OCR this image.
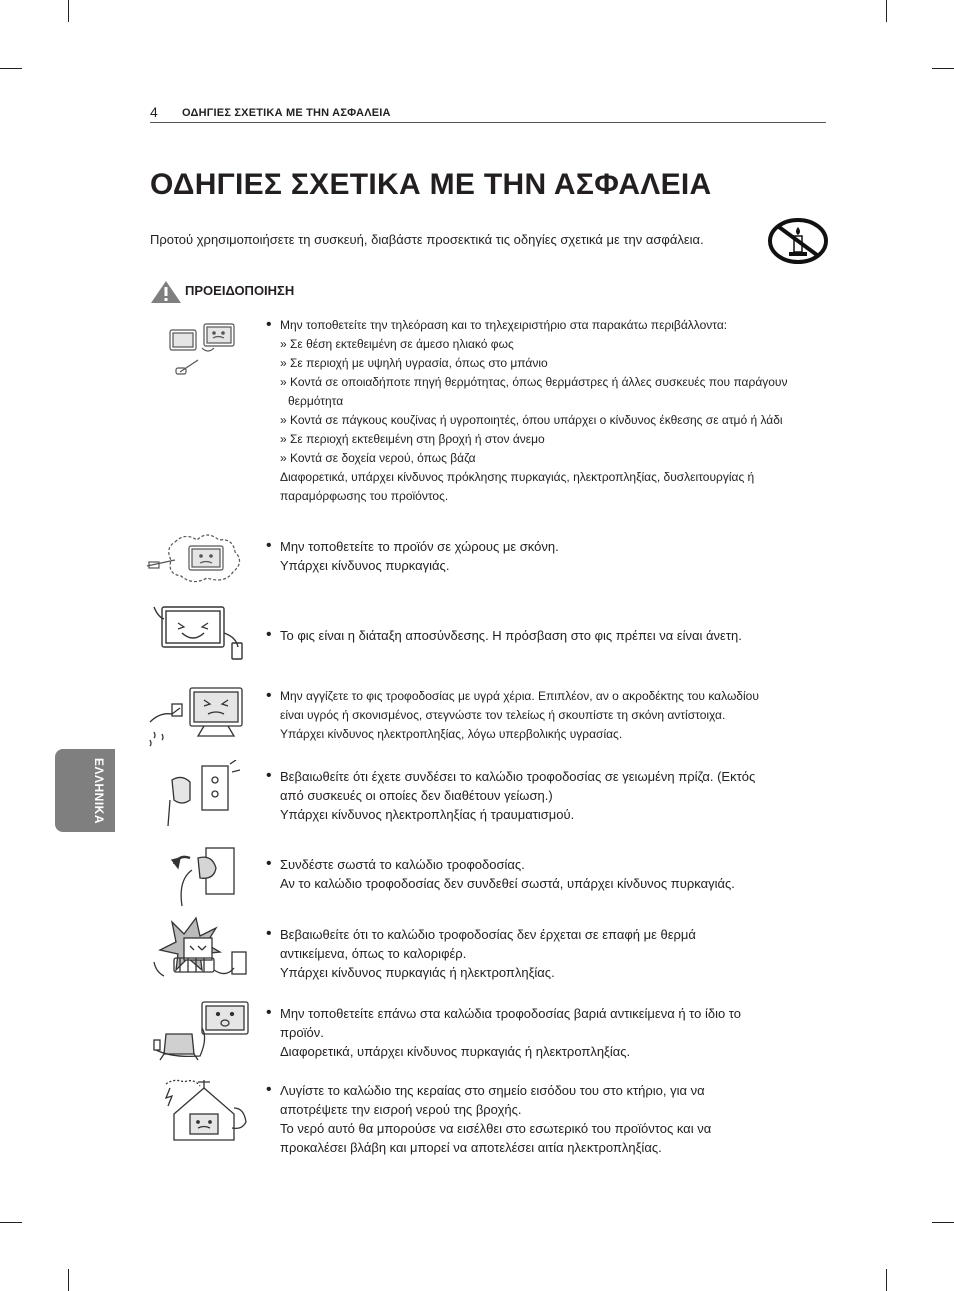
4 ΟΔΗΓΙΕΣ ΣΧΕΤΙΚΑ ΜΕ ΤΗΝ ΑΣΦΑΛΕΙΑ
ΟΔΗΓΙΕΣ ΣΧΕΤΙΚΑ ΜΕ ΤΗΝ ΑΣΦΑΛΕΙΑ

Προτού χρησιμοποιήσετε τη συσκευή, διαβάστε προσεκτικά τις οδηγίες σχετικά με την ασφάλεια.

ΠΡΟΕΙΔΟΠΟΙΗΣΗ
ΕΛΛΗΝΙΚΑ
• Μην τοποθετείτε την τηλεόραση και το τηλεχειριστήριο στα παρακάτω περιβάλλοντα:

» Σε θέση εκτεθειμένη σε άμεσο ηλιακό φως

» Σε περιοχή με υψηλή υγρασία, όπως στο μπάνιο

» Κοντά σε οποιαδήποτε πηγή θερμότητας, όπως θερμάστρες ή άλλες συσκευές που παράγουν

θερμότητα

» Κοντά σε πάγκους κουζίνας ή υγροποιητές, όπου υπάρχει ο κίνδυνος έκθεσης σε ατμό ή λάδι

» Σε περιοχή εκτεθειμένη στη βροχή ή στον άνεμο

» Κοντά σε δοχεία νερού, όπως βάζα

Διαφορετικά, υπάρχει κίνδυνος πρόκλησης πυρκαγιάς, ηλεκτροπληξίας, δυσλειτουργίας ή

παραμόρφωσης του προϊόντος.

• Μην τοποθετείτε το προϊόν σε χώρους με σκόνη.

Υπάρχει κίνδυνος πυρκαγιάς.

• Το φις είναι η διάταξη αποσύνδεσης. Η πρόσβαση στο φις πρέπει να είναι άνετη.

• Μην αγγίζετε το φις τροφοδοσίας με υγρά χέρια. Επιπλέον, αν ο ακροδέκτης του καλωδίου

είναι υγρός ή σκονισμένος, στεγνώστε τον τελείως ή σκουπίστε τη σκόνη αντίστοιχα.

Υπάρχει κίνδυνος ηλεκτροπληξίας, λόγω υπερβολικής υγρασίας.

• Βεβαιωθείτε ότι έχετε συνδέσει το καλώδιο τροφοδοσίας σε γειωμένη πρίζα. (Εκτός

από συσκευές οι οποίες δεν διαθέτουν γείωση.)

Υπάρχει κίνδυνος ηλεκτροπληξίας ή τραυματισμού.

• Συνδέστε σωστά το καλώδιο τροφοδοσίας.

Αν το καλώδιο τροφοδοσίας δεν συνδεθεί σωστά, υπάρχει κίνδυνος πυρκαγιάς.

• Βεβαιωθείτε ότι το καλώδιο τροφοδοσίας δεν έρχεται σε επαφή με θερμά

αντικείμενα, όπως το καλοριφέρ.

Υπάρχει κίνδυνος πυρκαγιάς ή ηλεκτροπληξίας.

• Μην τοποθετείτε επάνω στα καλώδια τροφοδοσίας βαριά αντικείμενα ή το ίδιο το

προϊόν.

Διαφορετικά, υπάρχει κίνδυνος πυρκαγιάς ή ηλεκτροπληξίας.

• Λυγίστε το καλώδιο της κεραίας στο σημείο εισόδου του στο κτήριο, για να

αποτρέψετε την εισροή νερού της βροχής.

Το νερό αυτό θα μπορούσε να εισέλθει στο εσωτερικό του προϊόντος και να

προκαλέσει βλάβη και μπορεί να αποτελέσει αιτία ηλεκτροπληξίας.
